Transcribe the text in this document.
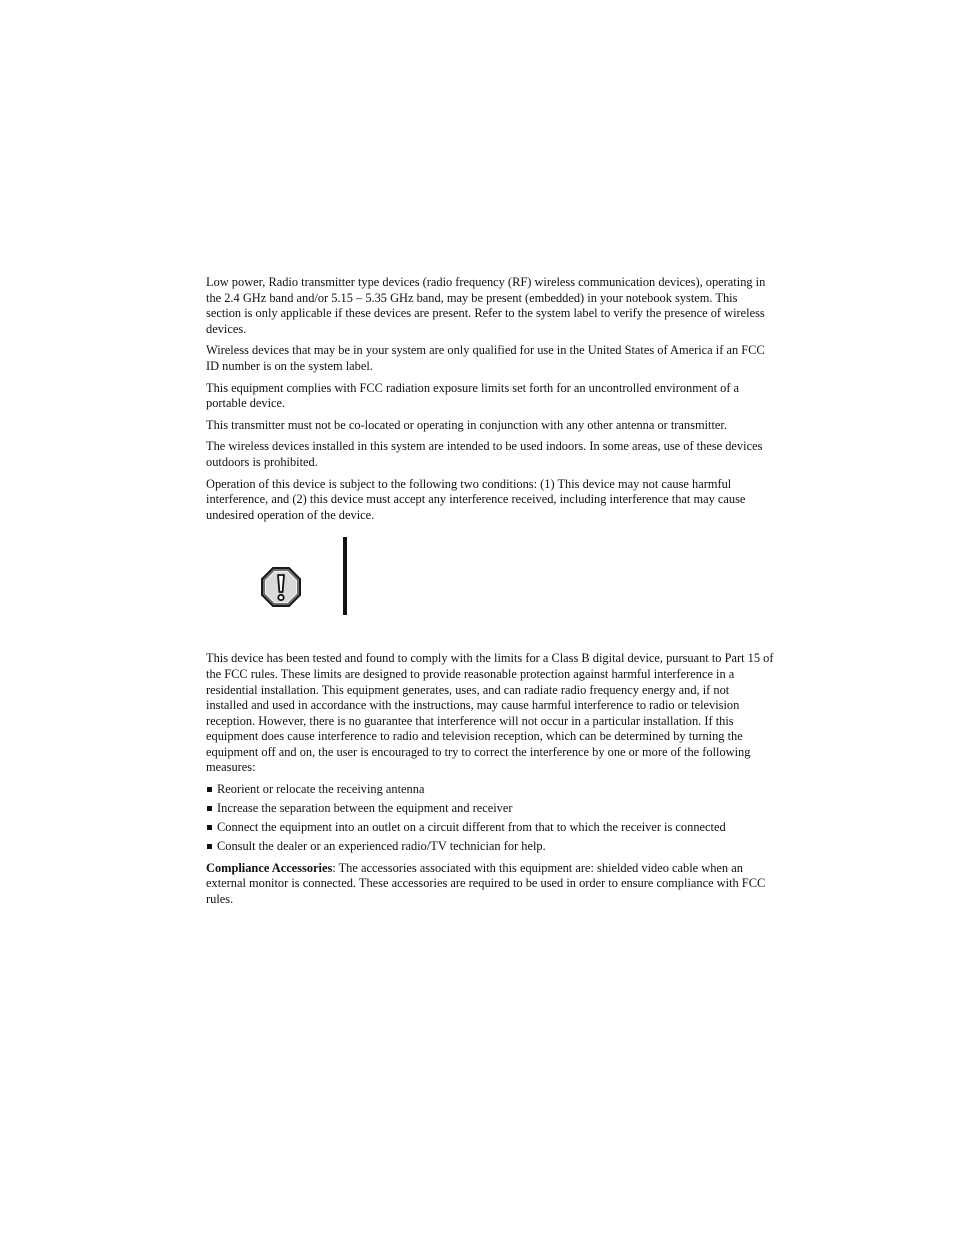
Low power, Radio transmitter type devices (radio frequency (RF) wireless communication devices), operating in the 2.4 GHz band and/or 5.15 – 5.35 GHz band, may be present (embedded) in your notebook system. This section is only applicable if these devices are present. Refer to the system label to verify the presence of wireless devices.

Wireless devices that may be in your system are only qualified for use in the United States of America if an FCC ID number is on the system label.

This equipment complies with FCC radiation exposure limits set forth for an uncontrolled environment of a portable device.

This transmitter must not be co-located or operating in conjunction with any other antenna or transmitter.

The wireless devices installed in this system are intended to be used indoors. In some areas, use of these devices outdoors is prohibited.

Operation of this device is subject to the following two conditions: (1) This device may not cause harmful interference, and (2) this device must accept any interference received, including interference that may cause undesired operation of the device.

This device has been tested and found to comply with the limits for a Class B digital device, pursuant to Part 15 of the FCC rules. These limits are designed to provide reasonable protection against harmful interference in a residential installation. This equipment generates, uses, and can radiate radio frequency energy and, if not installed and used in accordance with the instructions, may cause harmful interference to radio or television reception. However, there is no guarantee that interference will not occur in a particular installation. If this equipment does cause interference to radio and television reception, which can be determined by turning the equipment off and on, the user is encouraged to try to correct the interference by one or more of the following measures:

Reorient or relocate the receiving antenna
Increase the separation between the equipment and receiver
Connect the equipment into an outlet on a circuit different from that to which the receiver is connected
Consult the dealer or an experienced radio/TV technician for help.

Compliance Accessories: The accessories associated with this equipment are: shielded video cable when an external monitor is connected. These accessories are required to be used in order to ensure compliance with FCC rules.
